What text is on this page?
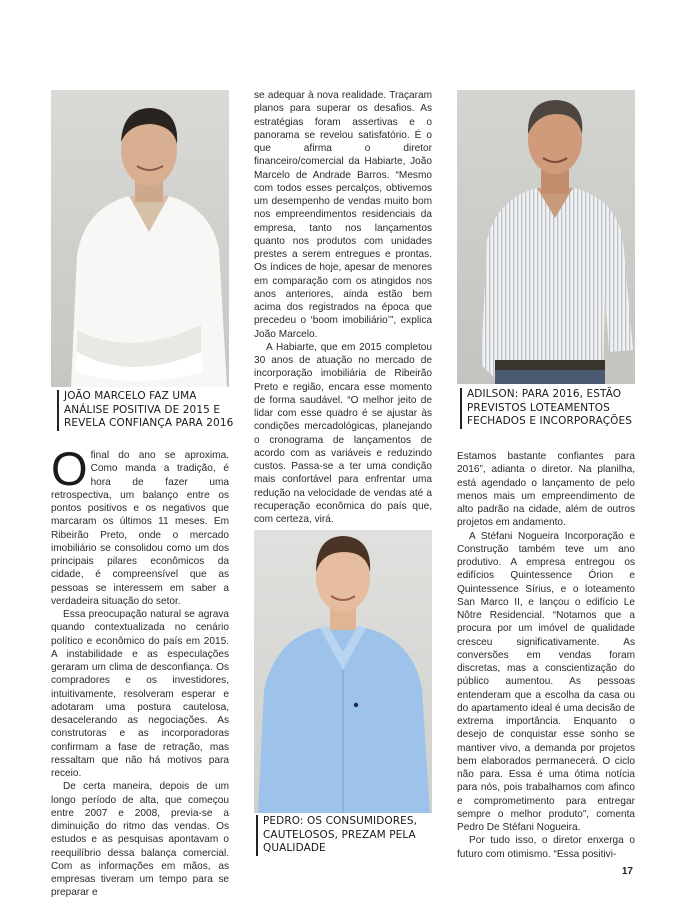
JOÃO MARCELO FAZ UMA ANÁLISE POSITIVA DE 2015 E REVELA CONFIANÇA PARA 2016
ADILSON: PARA 2016, ESTÃO PREVISTOS LOTEAMENTOS FECHADOS E INCORPORAÇÕES
PEDRO: OS CONSUMIDORES, CAUTELOSOS, PREZAM PELA QUALIDADE
O final do ano se aproxima. Como manda a tradição, é hora de fazer uma retrospectiva, um balanço entre os pontos positivos e os negativos que marcaram os últimos 11 meses. Em Ribeirão Preto, onde o mercado imobiliário se consolidou como um dos principais pilares econômicos da cidade, é compreensível que as pessoas se interessem em saber a verdadeira situação do setor.

Essa preocupação natural se agrava quando contextualizada no cenário político e econômico do país em 2015. A instabilidade e as especulações geraram um clima de desconfiança. Os compradores e os investidores, intuitivamente, resolveram esperar e adotaram uma postura cautelosa, desacelerando as negociações. As construtoras e as incorporadoras confirmam a fase de retração, mas ressaltam que não há motivos para receio.

De certa maneira, depois de um longo período de alta, que começou entre 2007 e 2008, previa-se a diminuição do ritmo das vendas. Os estudos e as pesquisas apontavam o reequilíbrio dessa balança comercial. Com as informações em mãos, as empresas tiveram um tempo para se preparar e

se adequar à nova realidade. Traçaram planos para superar os desafios. As estratégias foram assertivas e o panorama se revelou satisfatório. É o que afirma o diretor financeiro/comercial da Habiarte, João Marcelo de Andrade Barros. “Mesmo com todos esses percalços, obtivemos um desempenho de vendas muito bom nos empreendimentos residenciais da empresa, tanto nos lançamentos quanto nos produtos com unidades prestes a serem entregues e prontas. Os índices de hoje, apesar de menores em comparação com os atingidos nos anos anteriores, ainda estão bem acima dos registrados na época que precedeu o ‘boom imobiliário’”, explica João Marcelo.

A Habiarte, que em 2015 completou 30 anos de atuação no mercado de incorporação imobiliária de Ribeirão Preto e região, encara esse momento de forma saudável. “O melhor jeito de lidar com esse quadro é se ajustar às condições mercadológicas, planejando o cronograma de lançamentos de acordo com as variáveis e reduzindo custos. Passa-se a ter uma condição mais confortável para enfrentar uma redução na velocidade de vendas até a recuperação econômica do país que, com certeza, virá.

Estamos bastante confiantes para 2016”, adianta o diretor. Na planilha, está agendado o lançamento de pelo menos mais um empreendimento de alto padrão na cidade, além de outros projetos em andamento.

A Stéfani Nogueira Incorporação e Construção também teve um ano produtivo. A empresa entregou os edifícios Quintessence Órion e Quintessence Sírius, e o loteamento San Marco II, e lançou o edifício Le Nôtre Residencial. “Notamos que a procura por um imóvel de qualidade cresceu significativamente. As conversões em vendas foram discretas, mas a conscientização do público aumentou. As pessoas entenderam que a escolha da casa ou do apartamento ideal é uma decisão de extrema importância. Enquanto o desejo de conquistar esse sonho se mantiver vivo, a demanda por projetos bem elaborados permanecerá. O ciclo não para. Essa é uma ótima notícia para nós, pois trabalhamos com afinco e comprometimento para entregar sempre o melhor produto”, comenta Pedro De Stéfani Nogueira.

Por tudo isso, o diretor enxerga o futuro com otimismo. “Essa positivi-

17
